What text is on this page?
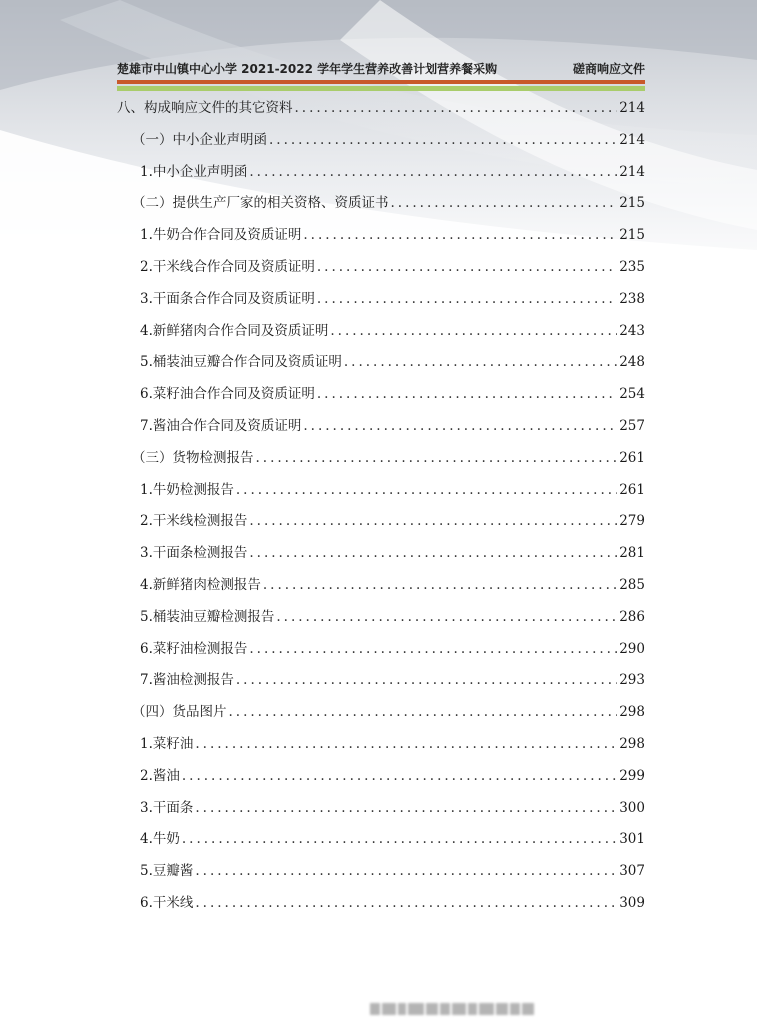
楚雄市中山镇中心小学 2021-2022 学年学生营养改善计划营养餐采购	磋商响应文件
八、构成响应文件的其它资料 .....	214
（一）中小企业声明函 .....	214
1.中小企业声明函 .....	214
（二）提供生产厂家的相关资格、资质证书 .....	215
1. 牛奶合作合同及资质证明 .....	215
2. 干米线合作合同及资质证明 .....	235
3. 干面条合作合同及资质证明 .....	238
4. 新鲜猪肉合作合同及资质证明 .....	243
5. 桶装油豆瓣合作合同及资质证明 .....	248
6. 菜籽油合作合同及资质证明 .....	254
7. 酱油合作合同及资质证明 .....	257
（三）货物检测报告 .....	261
1. 牛奶检测报告 .....	261
2. 干米线检测报告 .....	279
3. 干面条检测报告 .....	281
4. 新鲜猪肉检测报告 .....	285
5. 桶装油豆瓣检测报告 .....	286
6. 菜籽油检测报告 .....	290
7. 酱油检测报告 .....	293
（四）货品图片 .....	298
1. 菜籽油 .....	298
2. 酱油 .....	299
3. 干面条 .....	300
4. 牛奶 .....	301
5. 豆瓣酱 .....	307
6. 干米线 .....	309
